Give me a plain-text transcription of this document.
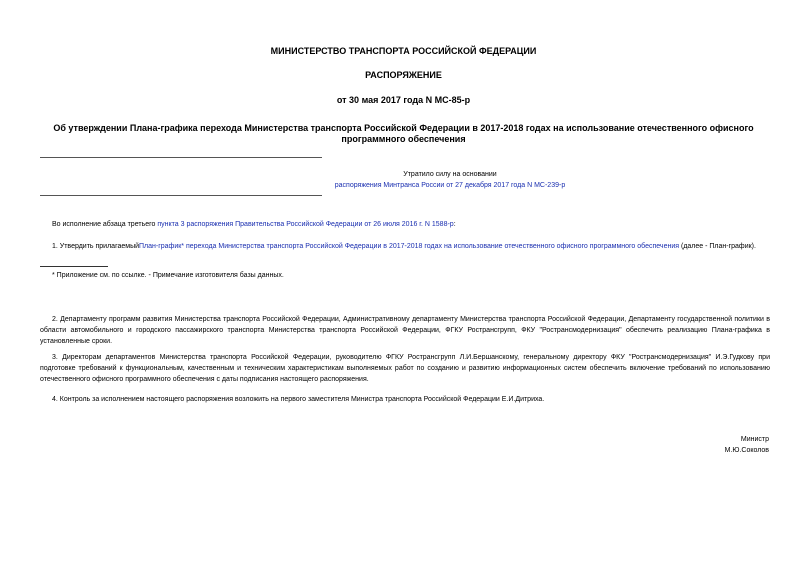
МИНИСТЕРСТВО ТРАНСПОРТА РОССИЙСКОЙ ФЕДЕРАЦИИ
РАСПОРЯЖЕНИЕ
от 30 мая 2017 года N МС-85-р
Об утверждении Плана-графика перехода Министерства транспорта Российской Федерации в 2017-2018 годах на использование отечественного офисного программного обеспечения
Утратило силу на основании
распоряжения Минтранса России от 27 декабря 2017 года N МС-239-р
Во исполнение абзаца третьего пункта 3 распоряжения Правительства Российской Федерации от 26 июля 2016 г. N 1588-р:
1. Утвердить прилагаемыйПлан-график* перехода Министерства транспорта Российской Федерации в 2017-2018 годах на использование отечественного офисного программного обеспечения (далее - План-график).
* Приложение см. по ссылке. - Примечание изготовителя базы данных.
2. Департаменту программ развития Министерства транспорта Российской Федерации, Административному департаменту Министерства транспорта Российской Федерации, Департаменту государственной политики в области автомобильного и городского пассажирского транспорта Министерства транспорта Российской Федерации, ФГКУ Ространсгрупп, ФКУ "Ространсмодернизация" обеспечить реализацию Плана-графика в установленные сроки.
3. Директорам департаментов Министерства транспорта Российской Федерации, руководителю ФГКУ Ространсгрупп Л.И.Бершанскому, генеральному директору ФКУ "Ространсмодернизация" И.Э.Гудкову при подготовке требований к функциональным, качественным и техническим характеристикам выполняемых работ по созданию и развитию информационных систем обеспечить включение требований по использованию отечественного офисного программного обеспечения с даты подписания настоящего распоряжения.
4. Контроль за исполнением настоящего распоряжения возложить на первого заместителя Министра транспорта Российской Федерации Е.И.Дитриха.
Министр
М.Ю.Соколов
